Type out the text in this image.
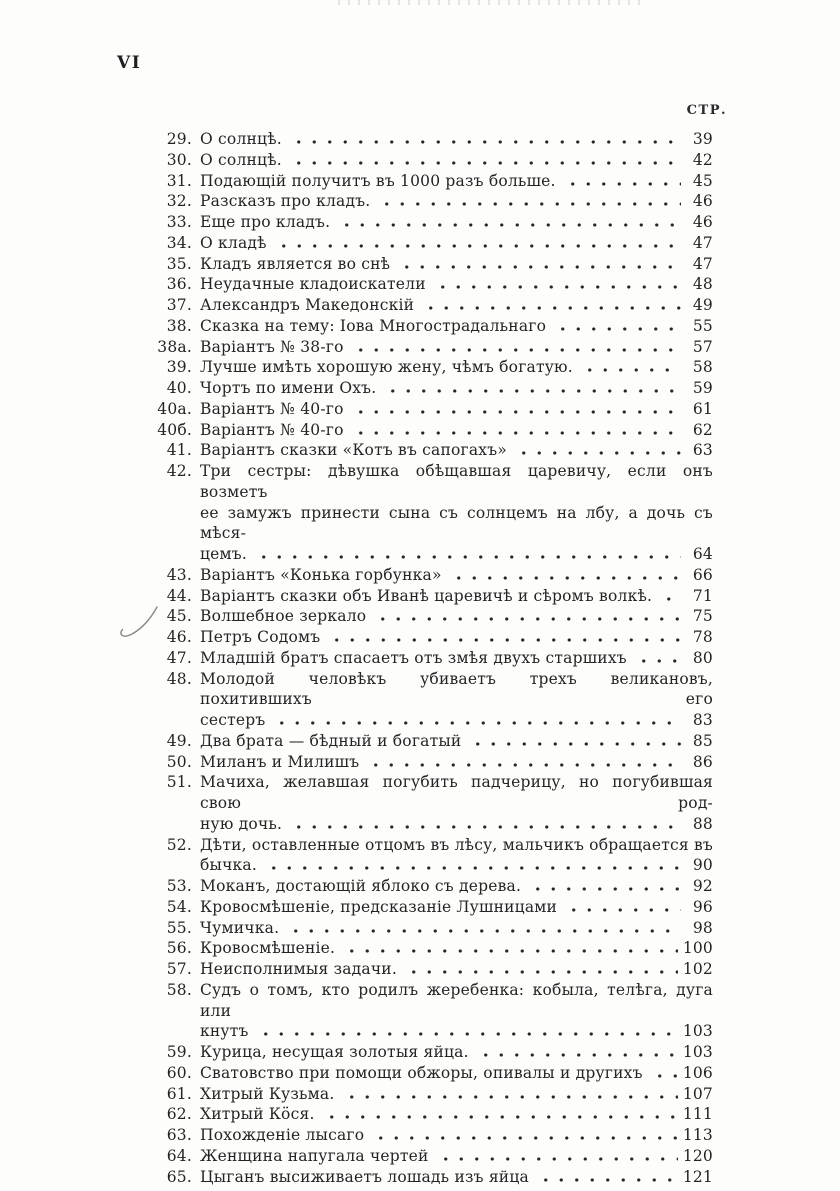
VI
СТР.
29. О солнцѣ.	39
30. О солнцѣ.	42
31. Подающій получитъ въ 1000 разъ больше.	45
32. Разсказъ про кладъ.	46
33. Еще про кладъ.	46
34. О кладѣ	47
35. Кладъ является во снѣ	47
36. Неудачные кладоискатели	48
37. Александръ Македонскій	49
38. Сказка на тему: Іова Многострадальнаго	55
38а. Варіантъ № 38-го	57
39. Лучше имѣть хорошую жену, чѣмъ богатую.	58
40. Чортъ по имени Охъ.	59
40а. Варіантъ № 40-го	61
40б. Варіантъ № 40-го	62
41. Варіантъ сказки «Котъ въ сапогахъ»	63
42. Три сестры: дѣвушка обѣщавшая царевичу, если онъ возметъ
ее замужъ принести сына съ солнцемъ на лбу, а дочь съ мѣся-
цемъ.	64
43. Варіантъ «Конька горбунка»	66
44. Варіантъ сказки объ Иванѣ царевичѣ и сѣромъ волкѣ.	71
45. Волшебное зеркало	75
46. Петръ Содомъ	78
47. Младшій братъ спасаетъ отъ змѣя двухъ старшихъ	80
48. Молодой человѣкъ убиваетъ трехъ великановъ, похитившихъ его
сестеръ	83
49. Два брата — бѣдный и богатый	85
50. Миланъ и Милишъ	86
51. Мачиха, желавшая погубить падчерицу, но погубившая свою род-
ную дочь.	88
52. Дѣти, оставленные отцомъ въ лѣсу, мальчикъ обращается въ
бычка.	90
53. Моканъ, достающій яблоко съ дерева.	92
54. Кровосмѣшеніе, предсказаніе Лушницами	96
55. Чумичка.	98
56. Кровосмѣшеніе.	100
57. Неисполнимыя задачи.	102
58. Судъ о томъ, кто родилъ жеребенка: кобыла, телѣга, дуга или
кнутъ	103
59. Курица, несущая золотыя яйца.	103
60. Сватовство при помощи обжоры, опивалы и другихъ	106
61. Хитрый Кузьма.	107
62. Хитрый Кöся.	111
63. Похожденіе лысаго	113
64. Женщина напугала чертей	120
65. Цыганъ высиживаетъ лошадь изъ яйца	121
